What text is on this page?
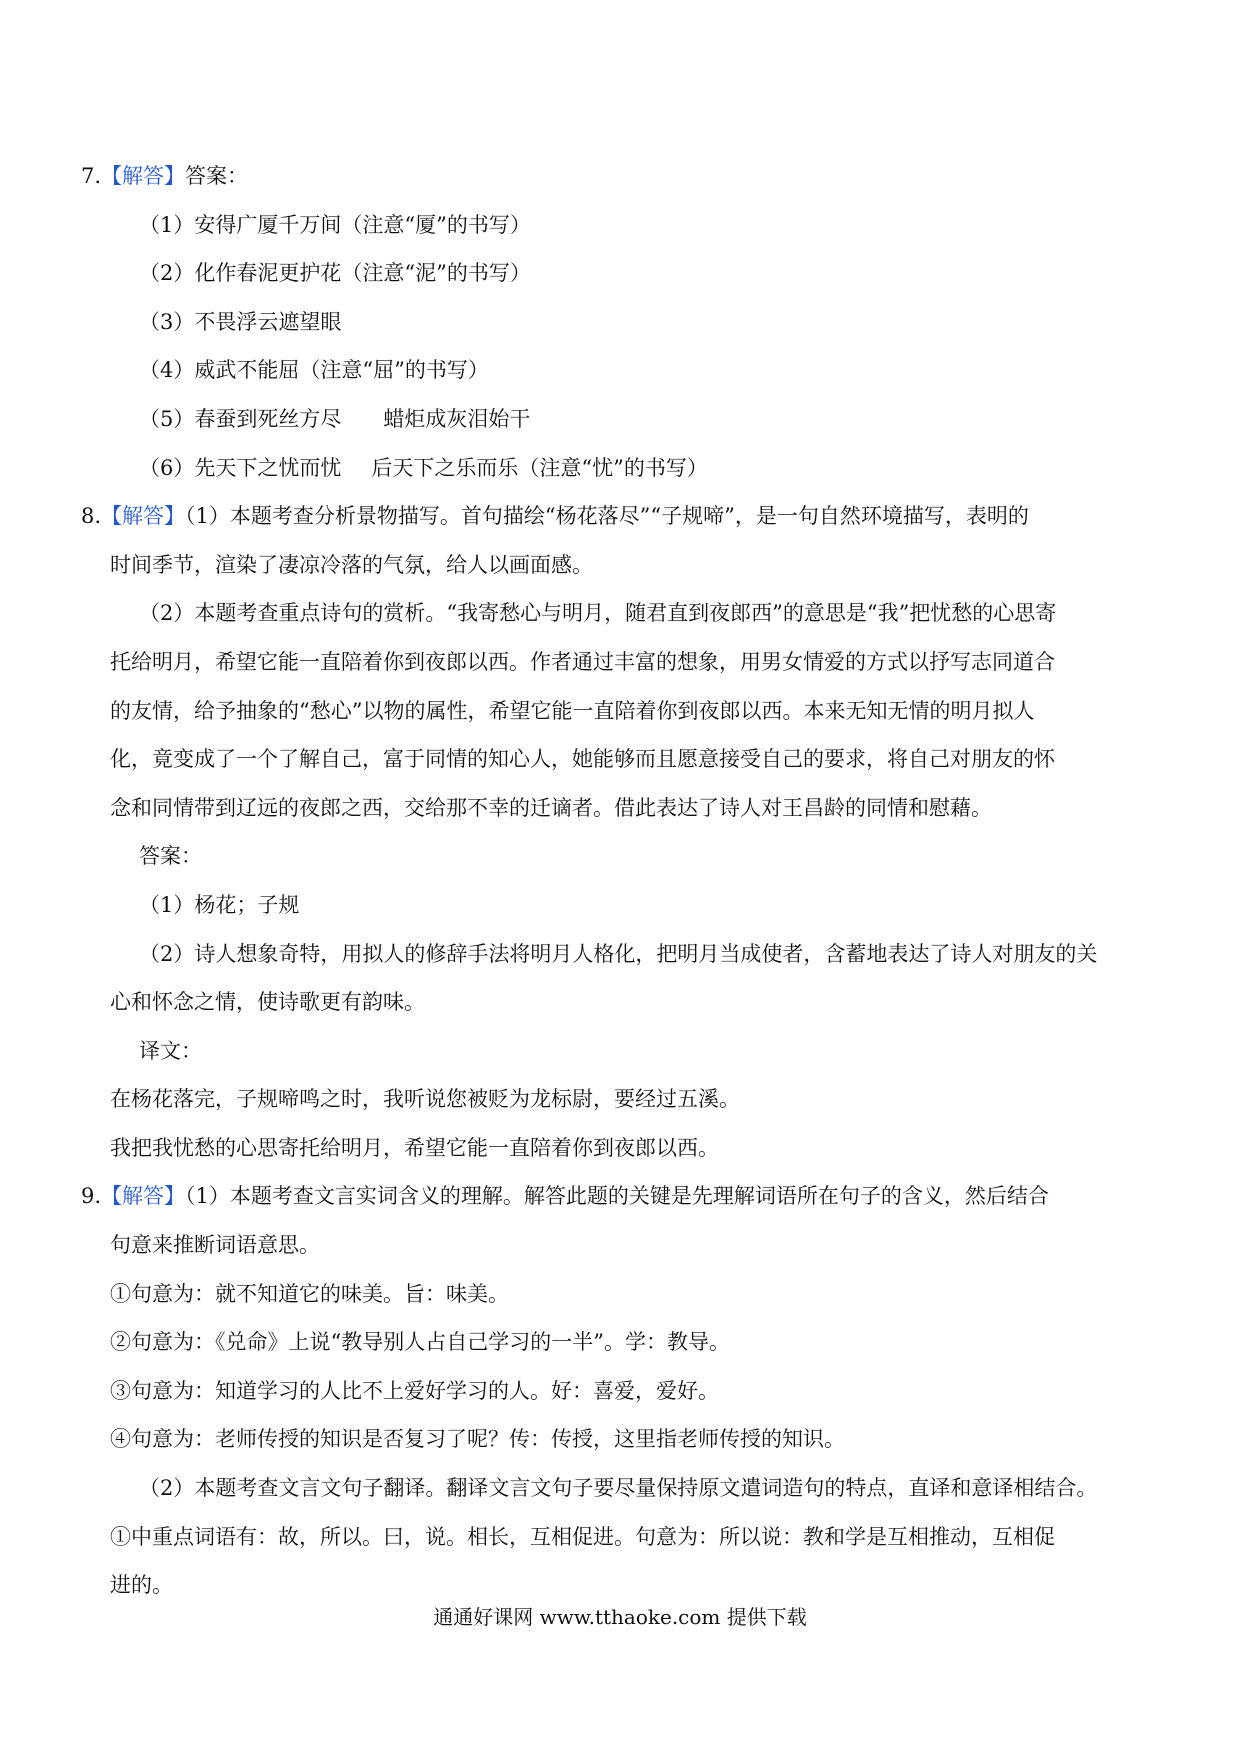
7.【解答】答案：
（1）安得广厦千万间（注意“厦”的书写）
（2）化作春泥更护花（注意“泥”的书写）
（3）不畏浮云遮望眼
（4）威武不能屈（注意“屈”的书写）
（5）春蚕到死丝方尽 蜡炬成灰泪始干
（6）先天下之忧而忧 后天下之乐而乐（注意“忧”的书写）
8.【解答】（1）本题考查分析景物描写。首句描绘“杨花落尽”“子规啼”，是一句自然环境描写，表明的
时间季节，渲染了凄凉冷落的气氛，给人以画面感。
（2）本题考查重点诗句的赏析。“我寄愁心与明月，随君直到夜郎西”的意思是“我”把忧愁的心思寄
托给明月，希望它能一直陪着你到夜郎以西。作者通过丰富的想象，用男女情爱的方式以抒写志同道合
的友情，给予抽象的“愁心”以物的属性，希望它能一直陪着你到夜郎以西。本来无知无情的明月拟人
化，竟变成了一个了解自己，富于同情的知心人，她能够而且愿意接受自己的要求，将自己对朋友的怀
念和同情带到辽远的夜郎之西，交给那不幸的迁谪者。借此表达了诗人对王昌龄的同情和慰藉。
答案：
（1）杨花；子规
（2）诗人想象奇特，用拟人的修辞手法将明月人格化，把明月当成使者，含蓄地表达了诗人对朋友的关
心和怀念之情，使诗歌更有韵味。
译文：
在杨花落完，子规啼鸣之时，我听说您被贬为龙标尉，要经过五溪。
我把我忧愁的心思寄托给明月，希望它能一直陪着你到夜郎以西。
9.【解答】（1）本题考查文言实词含义的理解。解答此题的关键是先理解词语所在句子的含义，然后结合
句意来推断词语意思。
①句意为：就不知道它的味美。旨：味美。
②句意为：《兑命》上说“教导别人占自己学习的一半”。学：教导。
③句意为：知道学习的人比不上爱好学习的人。好：喜爱，爱好。
④句意为：老师传授的知识是否复习了呢？传：传授，这里指老师传授的知识。
（2）本题考查文言文句子翻译。翻译文言文句子要尽量保持原文遣词造句的特点，直译和意译相结合。
①中重点词语有：故，所以。曰，说。相长，互相促进。句意为：所以说：教和学是互相推动，互相促
进的。
通通好课网 www.tthaoke.com 提供下载
